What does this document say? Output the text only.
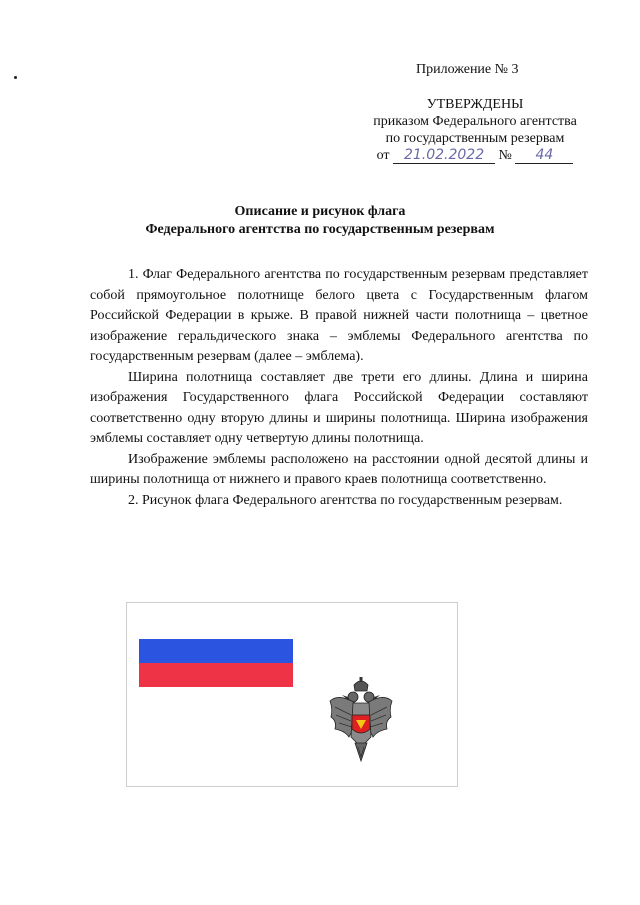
Приложение № 3
УТВЕРЖДЕНЫ
приказом Федерального агентства
по государственным резервам
от 21.02.2022 № 44
Описание и рисунок флага
Федерального агентства по государственным резервам

1. Флаг Федерального агентства по государственным резервам представляет собой прямоугольное полотнище белого цвета с Государственным флагом Российской Федерации в крыже. В правой нижней части полотнища – цветное изображение геральдического знака – эмблемы Федерального агентства по государственным резервам (далее – эмблема).

Ширина полотнища составляет две трети его длины. Длина и ширина изображения Государственного флага Российской Федерации составляют соответственно одну вторую длины и ширины полотнища. Ширина изображения эмблемы составляет одну четвертую длины полотнища.

Изображение эмблемы расположено на расстоянии одной десятой длины и ширины полотнища от нижнего и правого краев полотнища соответственно.

2. Рисунок флага Федерального агентства по государственным резервам.
